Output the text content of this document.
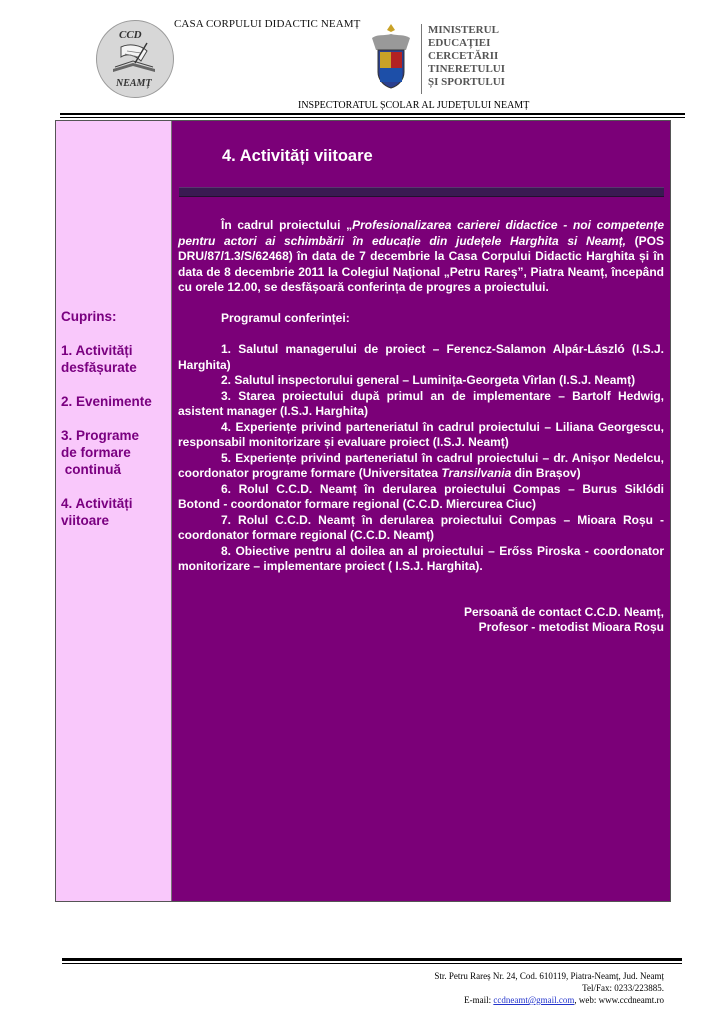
CCD
NEAMȚ
CASA CORPULUI DIDACTIC NEAMȚ	MINISTERUL
EDUCAȚIEI
CERCETĂRII
TINERETULUI
ȘI SPORTULUI
INSPECTORATUL ȘCOLAR AL JUDEȚULUI NEAMȚ
Cuprins:
1. Activități
desfășurate
2. Evenimente
3. Programe
de formare
continuă
4. Activități
viitoare
4. Activități viitoare

În cadrul proiectului „Profesionalizarea carierei didactice - noi competențe pentru actori ai schimbării în educație din județele Harghita si Neamț, (POS DRU/87/1.3/S/62468) în data de 7 decembrie la Casa Corpului Didactic Harghita și în data de 8 decembrie 2011 la Colegiul Național „Petru Rareș”, Piatra Neamț, începând cu orele 12.00, se desfășoară conferința de progres a proiectului.

Programul conferinței:

1. Salutul managerului de proiect – Ferencz-Salamon Alpár-László (I.S.J. Harghita)

2. Salutul inspectorului general – Luminița-Georgeta Vîrlan (I.S.J. Neamț)

3. Starea proiectului după primul an de implementare – Bartolf Hedwig, asistent manager (I.S.J. Harghita)

4. Experiențe privind parteneriatul în cadrul proiectului – Liliana Georgescu, responsabil monitorizare și evaluare proiect (I.S.J. Neamț)

5. Experiențe privind parteneriatul în cadrul proiectului – dr. Anișor Nedelcu, coordonator programe formare (Universitatea Transilvania din Brașov)

6. Rolul C.C.D. Neamț în derularea proiectului Compas – Burus Siklódi Botond - coordonator formare regional (C.C.D. Miercurea Ciuc)

7. Rolul C.C.D. Neamț în derularea proiectului Compas – Mioara Roșu - coordonator formare regional (C.C.D. Neamț)

8. Obiective pentru al doilea an al proiectului – Erőss Piroska - coordonator monitorizare – implementare proiect ( I.S.J. Harghita).

Persoană de contact C.C.D. Neamț,

Profesor - metodist Mioara Roșu

Str. Petru Rareș Nr. 24, Cod. 610119, Piatra-Neamț, Jud. Neamț
Tel/Fax: 0233/223885.
E-mail: ccdneamt@gmail.com, web: www.ccdneamt.ro
